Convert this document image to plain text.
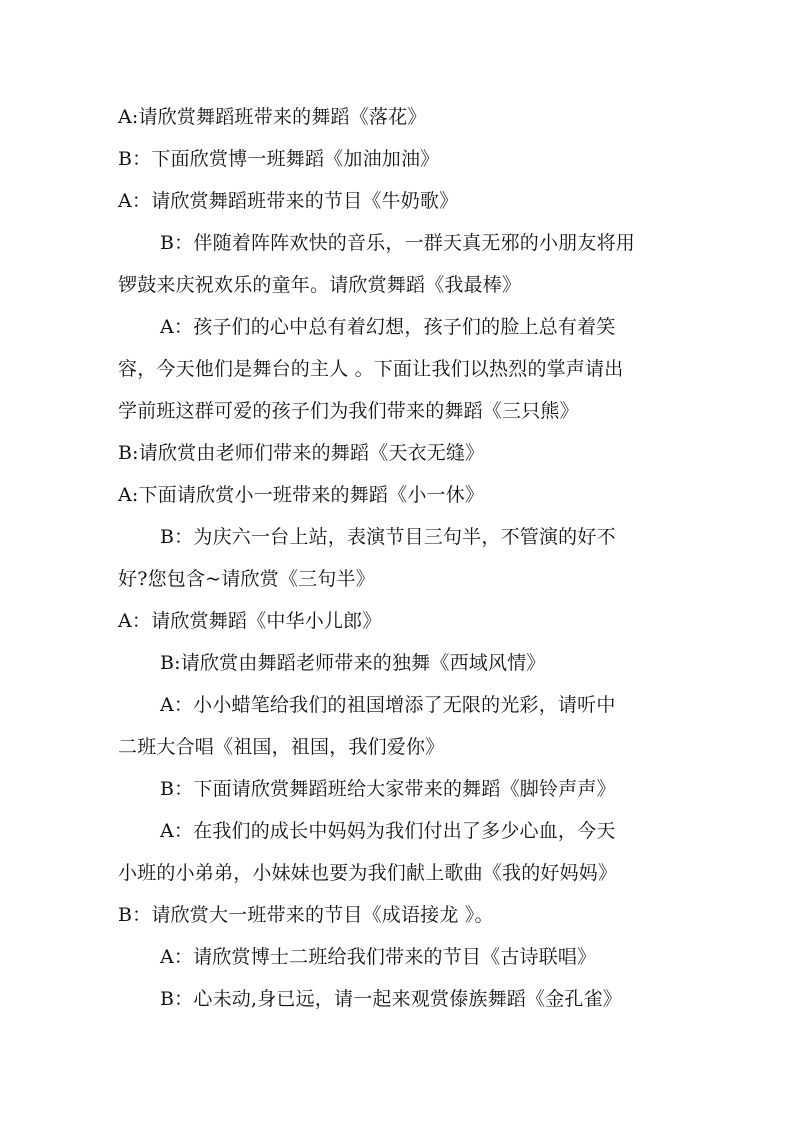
A:请欣赏舞蹈班带来的舞蹈《落花》
B：下面欣赏博一班舞蹈《加油加油》
A：请欣赏舞蹈班带来的节目《牛奶歌》
B：伴随着阵阵欢快的音乐，一群天真无邪的小朋友将用
锣鼓来庆祝欢乐的童年。请欣赏舞蹈《我最棒》
A：孩子们的心中总有着幻想，孩子们的脸上总有着笑
容，今天他们是舞台的主人 。下面让我们以热烈的掌声请出
学前班这群可爱的孩子们为我们带来的舞蹈《三只熊》
B:请欣赏由老师们带来的舞蹈《天衣无缝》
A:下面请欣赏小一班带来的舞蹈《小一休》
B：为庆六一台上站，表演节目三句半，不管演的好不
好?您包含~请欣赏《三句半》
A：请欣赏舞蹈《中华小儿郎》
B:请欣赏由舞蹈老师带来的独舞《西域风情》
A：小小蜡笔给我们的祖国增添了无限的光彩，请听中
二班大合唱《祖国，祖国，我们爱你》
B：下面请欣赏舞蹈班给大家带来的舞蹈《脚铃声声》
A：在我们的成长中妈妈为我们付出了多少心血，今天
小班的小弟弟，小妹妹也要为我们献上歌曲《我的好妈妈》
B：请欣赏大一班带来的节目《成语接龙 》。
A：请欣赏博士二班给我们带来的节目《古诗联唱》
B：心未动,身已远，请一起来观赏傣族舞蹈《金孔雀》
